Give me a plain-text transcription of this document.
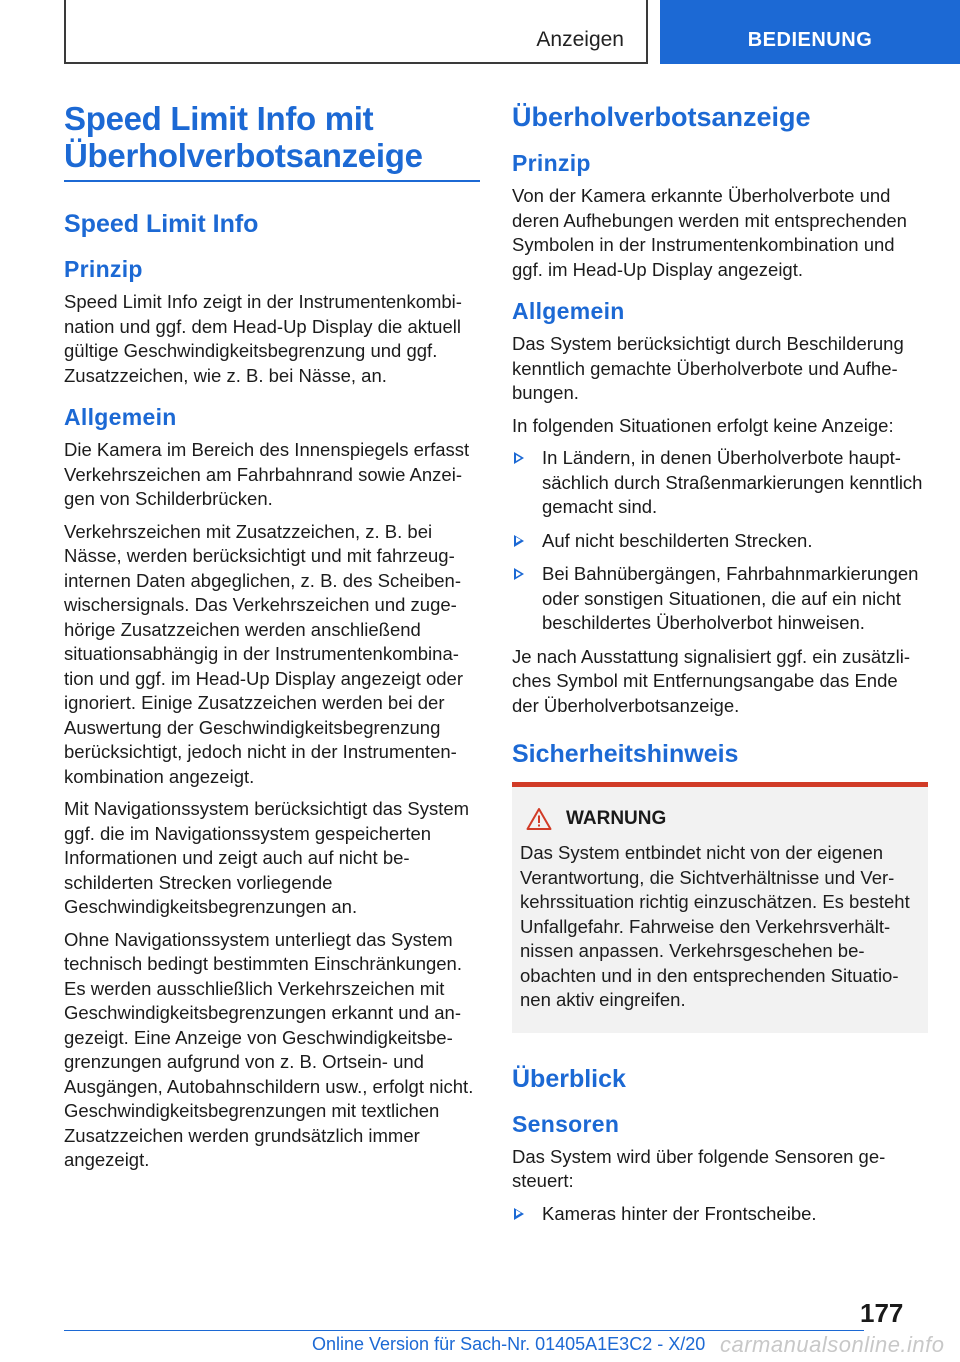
Anzeigen	BEDIENUNG
Speed Limit Info mit Überholverbotsanzeige
Speed Limit Info
Prinzip

Speed Limit Info zeigt in der Instrumentenkombination und ggf. dem Head-Up Display die aktuell gültige Geschwindigkeitsbegrenzung und ggf. Zusatzzeichen, wie z. B. bei Nässe, an.

Allgemein

Die Kamera im Bereich des Innenspiegels erfasst Verkehrszeichen am Fahrbahnrand sowie Anzeigen von Schilderbrücken.

Verkehrszeichen mit Zusatzzeichen, z. B. bei Nässe, werden berücksichtigt und mit fahrzeuginternen Daten abgeglichen, z. B. des Scheibenwischersignals. Das Verkehrszeichen und zugehörige Zusatzzeichen werden anschließend situationsabhängig in der Instrumentenkombination und ggf. im Head-Up Display angezeigt oder ignoriert. Einige Zusatzzeichen werden bei der Auswertung der Geschwindigkeitsbegrenzung berücksichtigt, jedoch nicht in der Instrumentenkombination angezeigt.

Mit Navigationssystem berücksichtigt das System ggf. die im Navigationssystem gespeicherten Informationen und zeigt auch auf nicht beschilderten Strecken vorliegende Geschwindigkeitsbegrenzungen an.

Ohne Navigationssystem unterliegt das System technisch bedingt bestimmten Einschränkungen. Es werden ausschließlich Verkehrszeichen mit Geschwindigkeitsbegrenzungen erkannt und angezeigt. Eine Anzeige von Geschwindigkeitsbegrenzungen aufgrund von z. B. Ortsein- und Ausgängen, Autobahnschildern usw., erfolgt nicht. Geschwindigkeitsbegrenzungen mit textlichen Zusatzzeichen werden grundsätzlich immer angezeigt.

Überholverbotsanzeige
Prinzip

Von der Kamera erkannte Überholverbote und deren Aufhebungen werden mit entsprechenden Symbolen in der Instrumentenkombination und ggf. im Head-Up Display angezeigt.

Allgemein

Das System berücksichtigt durch Beschilderung kenntlich gemachte Überholverbote und Aufhebungen.

In folgenden Situationen erfolgt keine Anzeige:

In Ländern, in denen Überholverbote hauptsächlich durch Straßenmarkierungen kenntlich gemacht sind.
Auf nicht beschilderten Strecken.
Bei Bahnübergängen, Fahrbahnmarkierungen oder sonstigen Situationen, die auf ein nicht beschildertes Überholverbot hinweisen.

Je nach Ausstattung signalisiert ggf. ein zusätzliches Symbol mit Entfernungsangabe das Ende der Überholverbotsanzeige.

Sicherheitshinweis
WARNUNG

Das System entbindet nicht von der eigenen Verantwortung, die Sichtverhältnisse und Verkehrssituation richtig einzuschätzen. Es besteht Unfallgefahr. Fahrweise den Verkehrsverhältnissen anpassen. Verkehrsgeschehen beobachten und in den entsprechenden Situationen aktiv eingreifen.

Überblick
Sensoren

Das System wird über folgende Sensoren gesteuert:

Kameras hinter der Frontscheibe.
177
Online Version für Sach-Nr. 01405A1E3C2 - X/20 carmanualsonline.info
